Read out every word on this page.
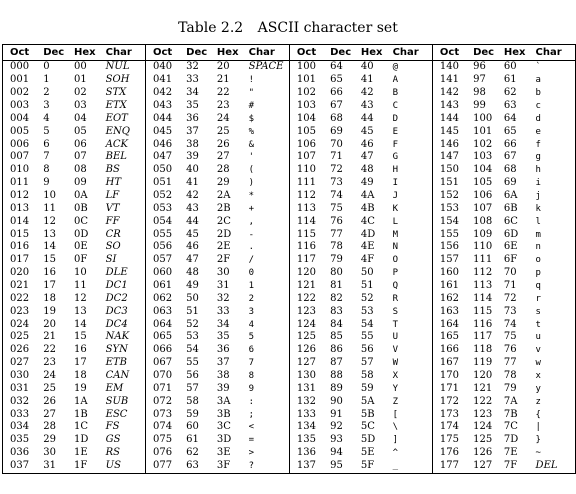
Table 2.2 ASCII character set
Oct	Dec	Hex	Char	Oct	Dec	Hex	Char	Oct	Dec	Hex	Char	Oct	Dec	Hex	Char
000	0	00	NUL	040	32	20	SPACE	100	64	40	@	140	96	60	`
001	1	01	SOH	041	33	21	!	101	65	41	A	141	97	61	a
002	2	02	STX	042	34	22	"	102	66	42	B	142	98	62	b
003	3	03	ETX	043	35	23	#	103	67	43	C	143	99	63	c
004	4	04	EOT	044	36	24	$	104	68	44	D	144	100	64	d
005	5	05	ENQ	045	37	25	%	105	69	45	E	145	101	65	e
006	6	06	ACK	046	38	26	&	106	70	46	F	146	102	66	f
007	7	07	BEL	047	39	27	'	107	71	47	G	147	103	67	g
010	8	08	BS	050	40	28	(	110	72	48	H	150	104	68	h
011	9	09	HT	051	41	29	)	111	73	49	I	151	105	69	i
012	10	0A	LF	052	42	2A	*	112	74	4A	J	152	106	6A	j
013	11	0B	VT	053	43	2B	+	113	75	4B	K	153	107	6B	k
014	12	0C	FF	054	44	2C	,	114	76	4C	L	154	108	6C	l
015	13	0D	CR	055	45	2D	-	115	77	4D	M	155	109	6D	m
016	14	0E	SO	056	46	2E	.	116	78	4E	N	156	110	6E	n
017	15	0F	SI	057	47	2F	/	117	79	4F	O	157	111	6F	o
020	16	10	DLE	060	48	30	0	120	80	50	P	160	112	70	p
021	17	11	DC1	061	49	31	1	121	81	51	Q	161	113	71	q
022	18	12	DC2	062	50	32	2	122	82	52	R	162	114	72	r
023	19	13	DC3	063	51	33	3	123	83	53	S	163	115	73	s
024	20	14	DC4	064	52	34	4	124	84	54	T	164	116	74	t
025	21	15	NAK	065	53	35	5	125	85	55	U	165	117	75	u
026	22	16	SYN	066	54	36	6	126	86	56	V	166	118	76	v
027	23	17	ETB	067	55	37	7	127	87	57	W	167	119	77	w
030	24	18	CAN	070	56	38	8	130	88	58	X	170	120	78	x
031	25	19	EM	071	57	39	9	131	89	59	Y	171	121	79	y
032	26	1A	SUB	072	58	3A	:	132	90	5A	Z	172	122	7A	z
033	27	1B	ESC	073	59	3B	;	133	91	5B	[	173	123	7B	{
034	28	1C	FS	074	60	3C	<	134	92	5C	\	174	124	7C	|
035	29	1D	GS	075	61	3D	=	135	93	5D	]	175	125	7D	}
036	30	1E	RS	076	62	3E	>	136	94	5E	^	176	126	7E	~
037	31	1F	US	077	63	3F	?	137	95	5F	_	177	127	7F	DEL
